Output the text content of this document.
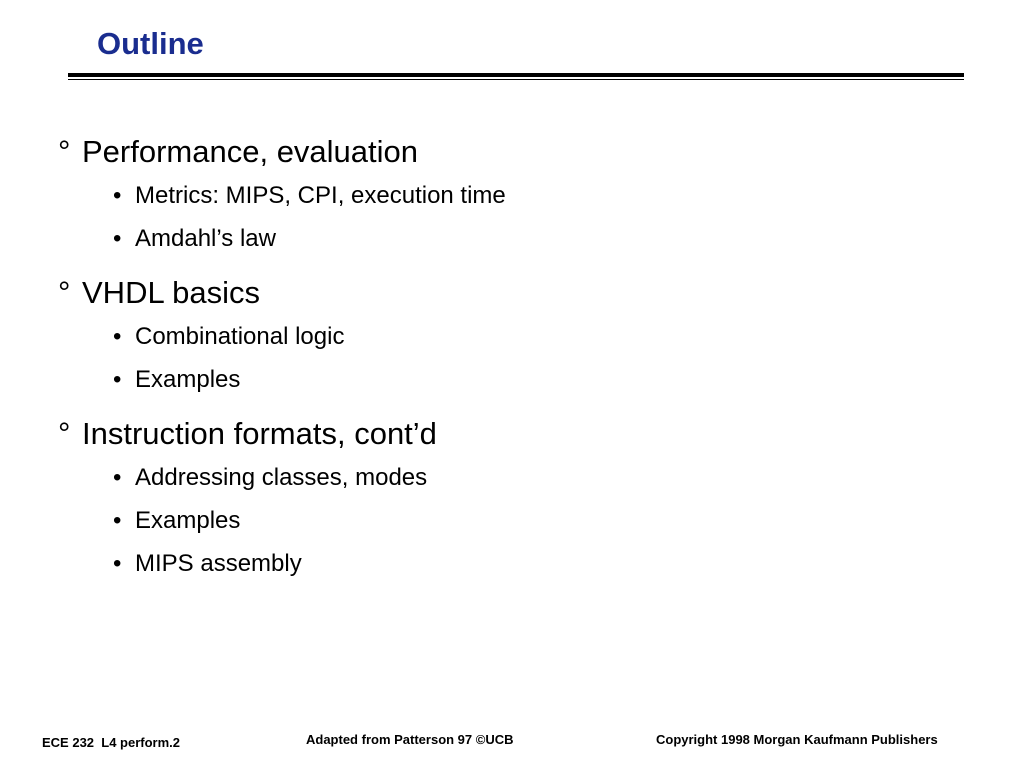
Outline
° Performance, evaluation
• Metrics: MIPS, CPI, execution time
• Amdahl’s law
° VHDL basics
• Combinational logic
• Examples
° Instruction formats, cont’d
• Addressing classes, modes
• Examples
• MIPS assembly
ECE 232  L4 perform.2	Adapted from Patterson 97 ©UCB	Copyright 1998 Morgan Kaufmann Publishers
